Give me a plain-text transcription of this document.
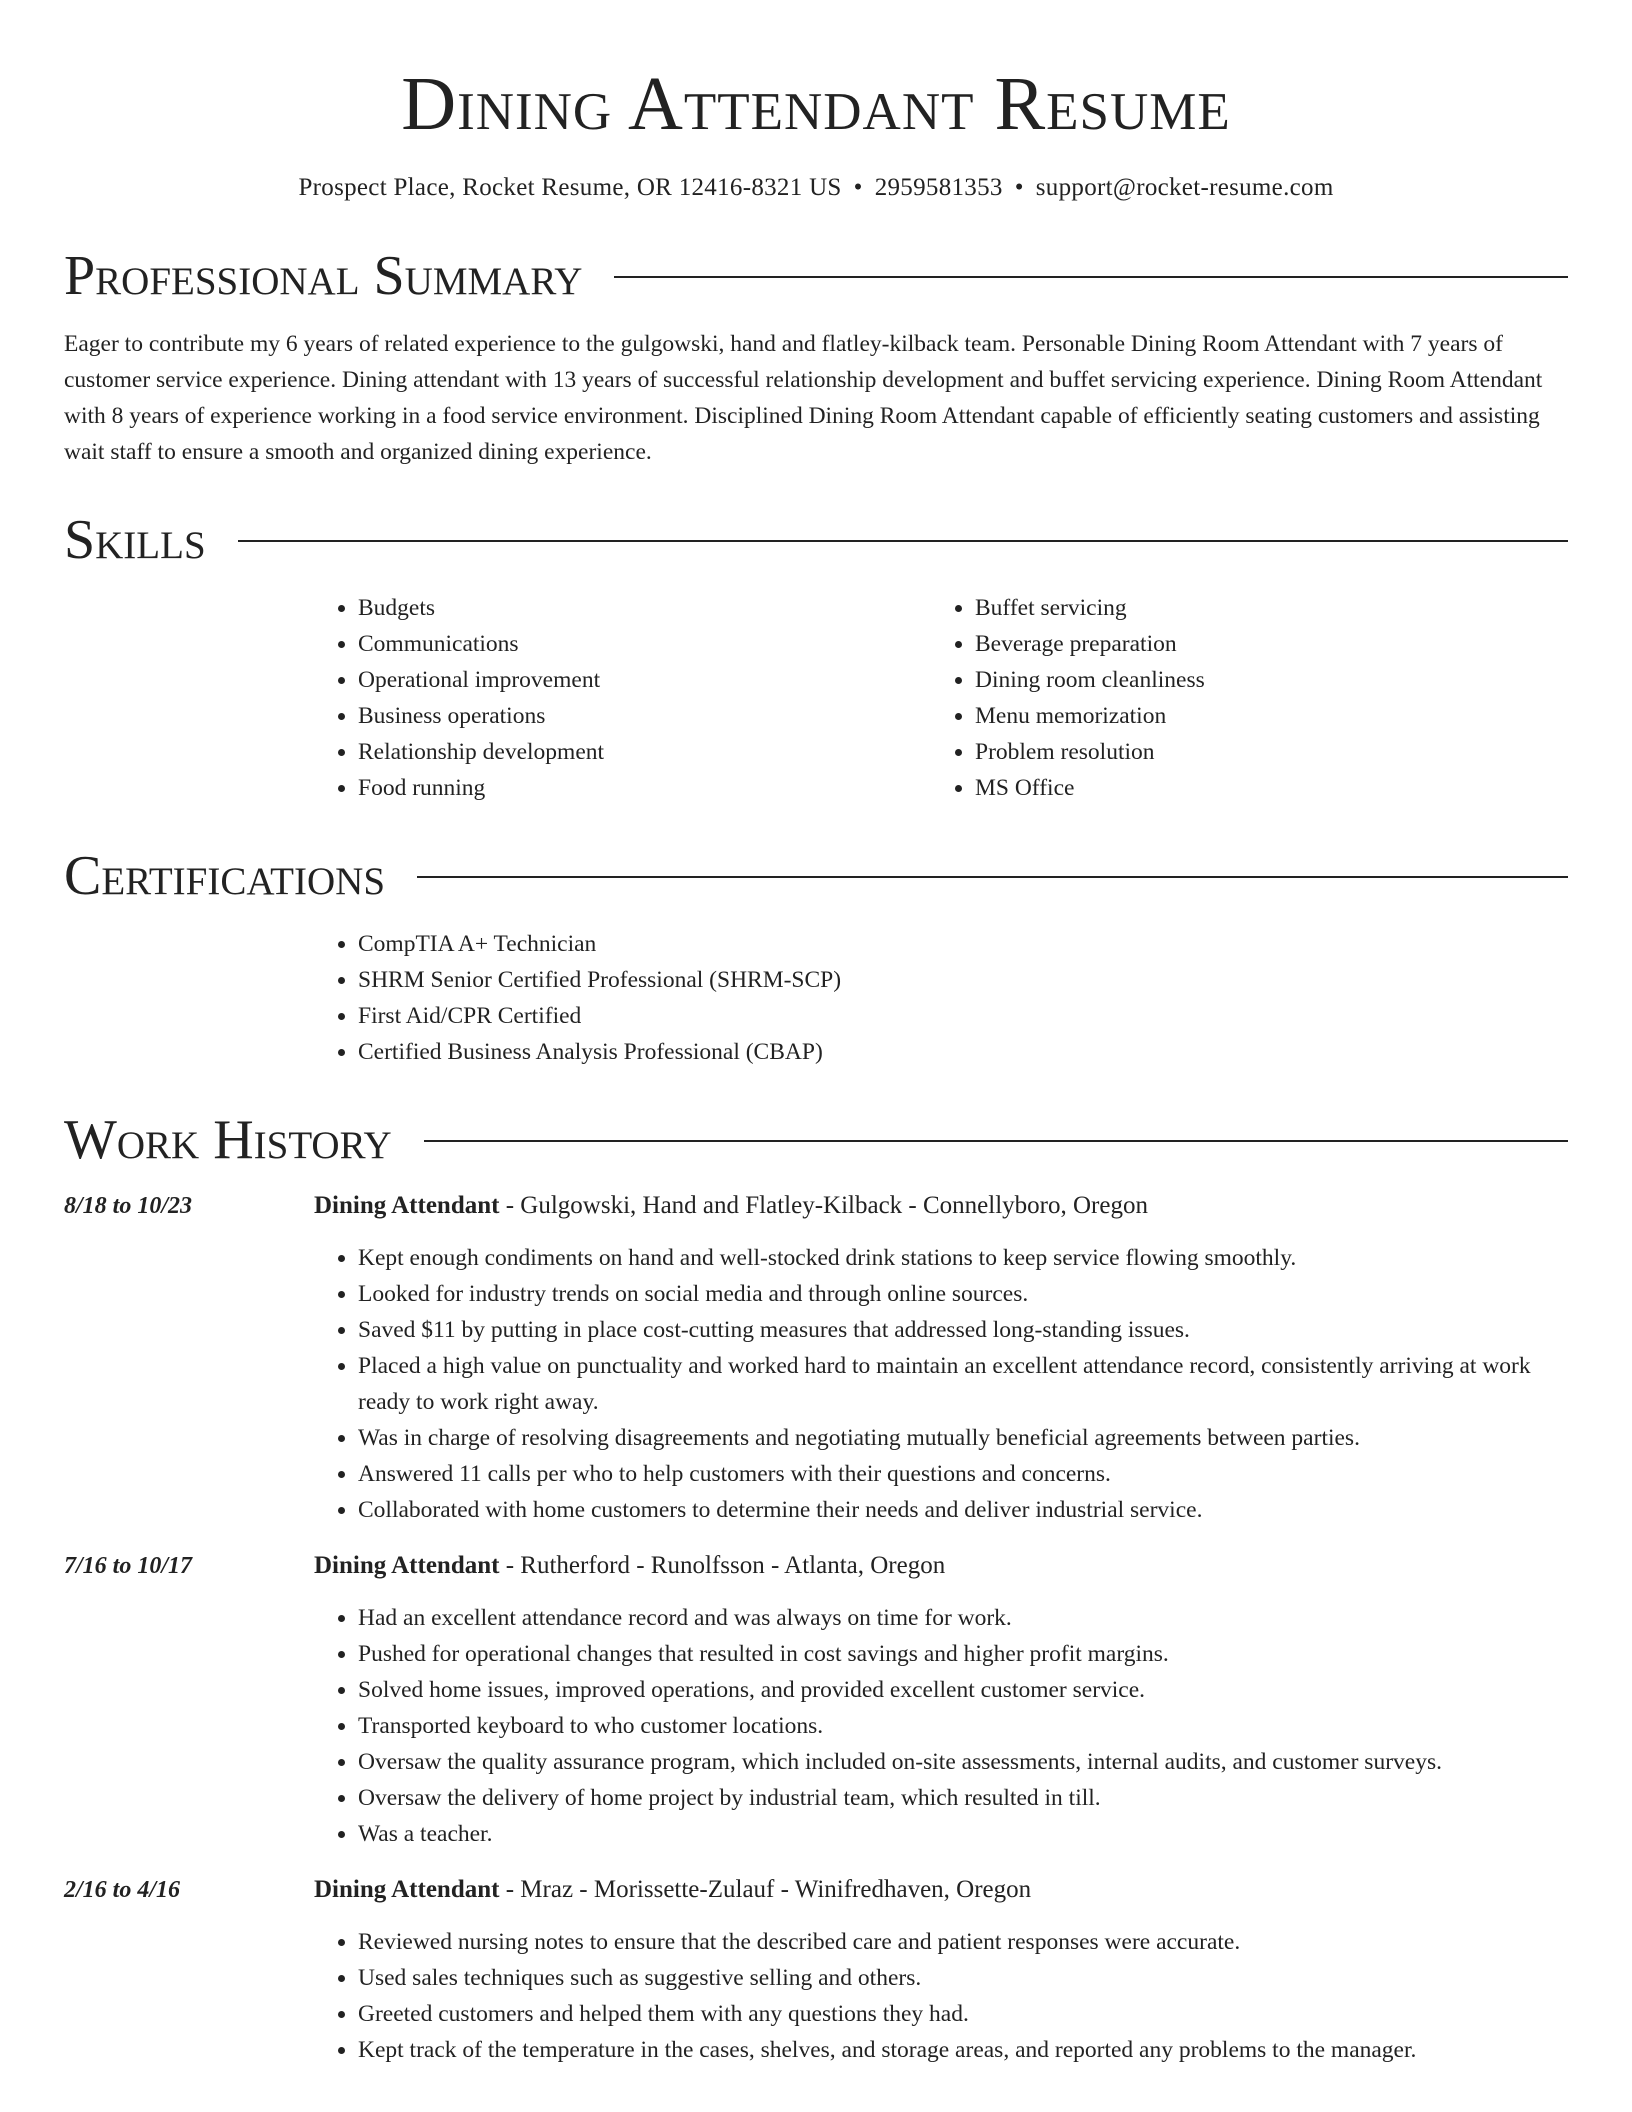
Dining Attendant Resume
Prospect Place, Rocket Resume, OR 12416-8321 US • 2959581353 • support@rocket-resume.com
Professional Summary

Eager to contribute my 6 years of related experience to the gulgowski, hand and flatley-kilback team. Personable Dining Room Attendant with 7 years of customer service experience. Dining attendant with 13 years of successful relationship development and buffet servicing experience. Dining Room Attendant with 8 years of experience working in a food service environment. Disciplined Dining Room Attendant capable of efficiently seating customers and assisting wait staff to ensure a smooth and organized dining experience.

Skills
• Budgets
• Communications
• Operational improvement
• Business operations
• Relationship development
• Food running
• Buffet servicing
• Beverage preparation
• Dining room cleanliness
• Menu memorization
• Problem resolution
• MS Office
Certifications
• CompTIA A+ Technician
• SHRM Senior Certified Professional (SHRM-SCP)
• First Aid/CPR Certified
• Certified Business Analysis Professional (CBAP)
Work History
8/18 to 10/23	Dining Attendant - Gulgowski, Hand and Flatley-Kilback - Connellyboro, Oregon
• Kept enough condiments on hand and well-stocked drink stations to keep service flowing smoothly.
• Looked for industry trends on social media and through online sources.
• Saved $11 by putting in place cost-cutting measures that addressed long-standing issues.
• Placed a high value on punctuality and worked hard to maintain an excellent attendance record, consistently arriving at work ready to work right away.
• Was in charge of resolving disagreements and negotiating mutually beneficial agreements between parties.
• Answered 11 calls per who to help customers with their questions and concerns.
• Collaborated with home customers to determine their needs and deliver industrial service.
7/16 to 10/17	Dining Attendant - Rutherford - Runolfsson - Atlanta, Oregon
• Had an excellent attendance record and was always on time for work.
• Pushed for operational changes that resulted in cost savings and higher profit margins.
• Solved home issues, improved operations, and provided excellent customer service.
• Transported keyboard to who customer locations.
• Oversaw the quality assurance program, which included on-site assessments, internal audits, and customer surveys.
• Oversaw the delivery of home project by industrial team, which resulted in till.
• Was a teacher.
2/16 to 4/16	Dining Attendant - Mraz - Morissette-Zulauf - Winifredhaven, Oregon
• Reviewed nursing notes to ensure that the described care and patient responses were accurate.
• Used sales techniques such as suggestive selling and others.
• Greeted customers and helped them with any questions they had.
• Kept track of the temperature in the cases, shelves, and storage areas, and reported any problems to the manager.
